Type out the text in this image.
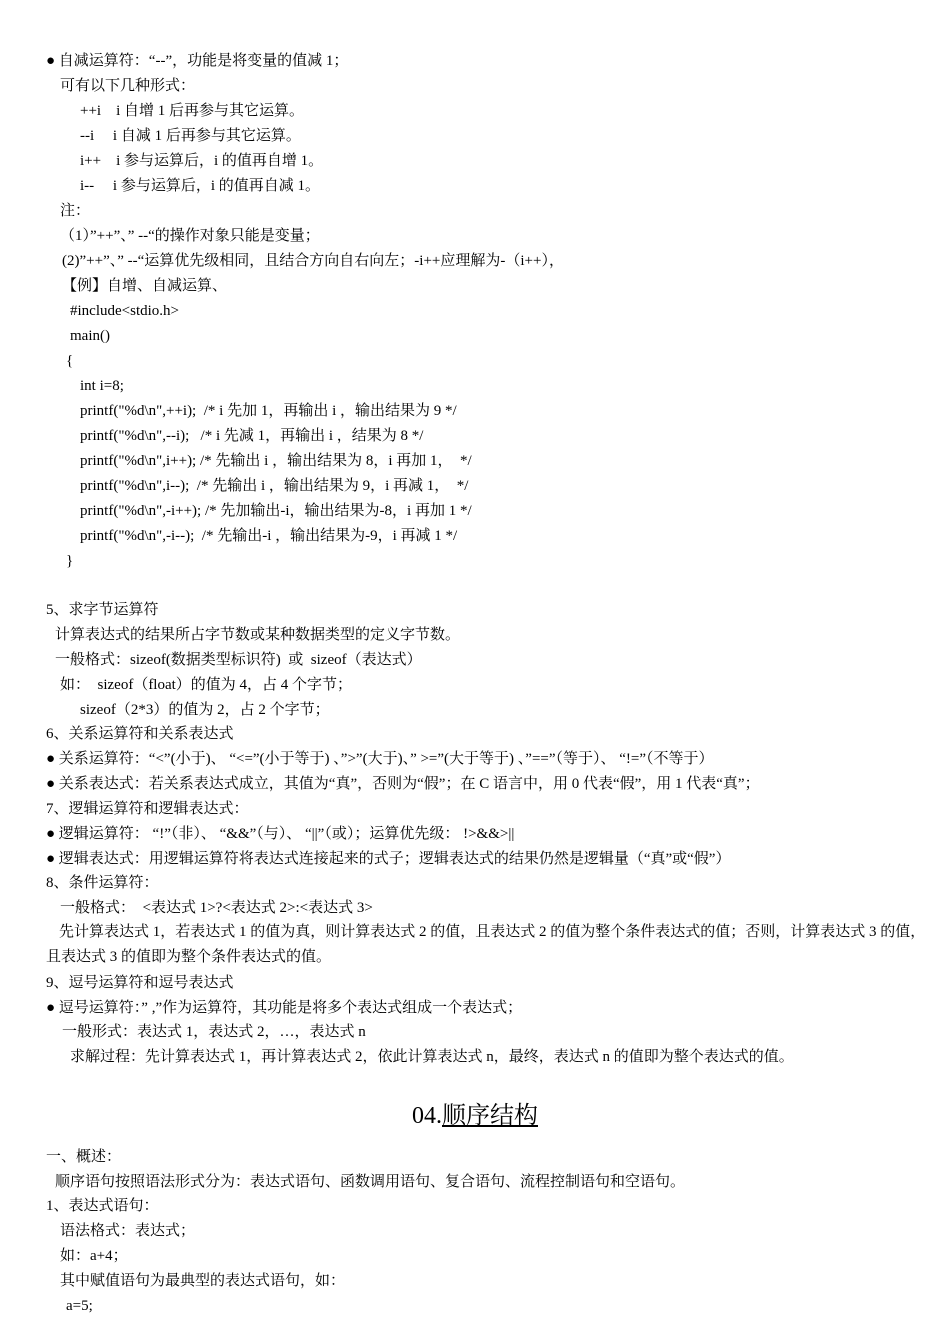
● 自减运算符：“--”，功能是将变量的值减 1；
可有以下几种形式：
++i    i 自增 1 后再参与其它运算。
--i     i 自减 1 后再参与其它运算。
i++    i 参与运算后，i 的值再自增 1。
i--     i 参与运算后，i 的值再自减 1。
注：
（1）”++”、” --“的操作对象只能是变量；
(2)”++”、” --“运算优先级相同，且结合方向自右向左；-i++应理解为-（i++），
【例】自增、自减运算、
#include<stdio.h>
main()
{
int i=8;
printf("%d\n",++i);  /* i 先加 1，再输出 i ，输出结果为 9 */
printf("%d\n",--i);   /* i 先减 1，再输出 i ，结果为 8 */
printf("%d\n",i++); /* 先输出 i ，输出结果为 8，i 再加 1，  */
printf("%d\n",i--);  /* 先输出 i ，输出结果为 9，i 再减 1，  */
printf("%d\n",-i++); /* 先加输出-i，输出结果为-8，i 再加 1 */
printf("%d\n",-i--);  /* 先输出-i ，输出结果为-9，i 再减 1 */
}
5、求字节运算符
计算表达式的结果所占字节数或某种数据类型的定义字节数。
一般格式：sizeof(数据类型标识符)  或  sizeof（表达式）
如：  sizeof（float）的值为 4，占 4 个字节；
sizeof（2*3）的值为 2，占 2 个字节；
6、关系运算符和关系表达式
● 关系运算符：“<”(小于)、 “<=”(小于等于) 、”>”(大于)、” >=”(大于等于) 、”==”（等于）、 “!=”（不等于）
● 关系表达式：若关系表达式成立，其值为“真”，否则为“假”；在 C 语言中，用 0 代表“假”，用 1 代表“真”；
7、逻辑运算符和逻辑表达式：
● 逻辑运算符： “!”（非）、 “&&”（与）、 “||”（或）；运算优先级： !>&&>||
● 逻辑表达式：用逻辑运算符将表达式连接起来的式子；逻辑表达式的结果仍然是逻辑量（“真”或“假”）
8、条件运算符：
一般格式：  <表达式 1>?<表达式 2>:<表达式 3>
先计算表达式 1，若表达式 1 的值为真，则计算表达式 2 的值，且表达式 2 的值为整个条件表达式的值；否则，计算表达式 3 的值，且表达式 3 的值即为整个条件表达式的值。
9、逗号运算符和逗号表达式
● 逗号运算符：” ,”作为运算符，其功能是将多个表达式组成一个表达式；
一般形式：表达式 1，表达式 2，…，表达式 n
求解过程：先计算表达式 1，再计算表达式 2，依此计算表达式 n，最终，表达式 n 的值即为整个表达式的值。
04.顺序结构
一、概述：
顺序语句按照语法形式分为：表达式语句、函数调用语句、复合语句、流程控制语句和空语句。
1、表达式语句：
语法格式：表达式；
如：a+4；
其中赋值语句为最典型的表达式语句，如：
a=5;
